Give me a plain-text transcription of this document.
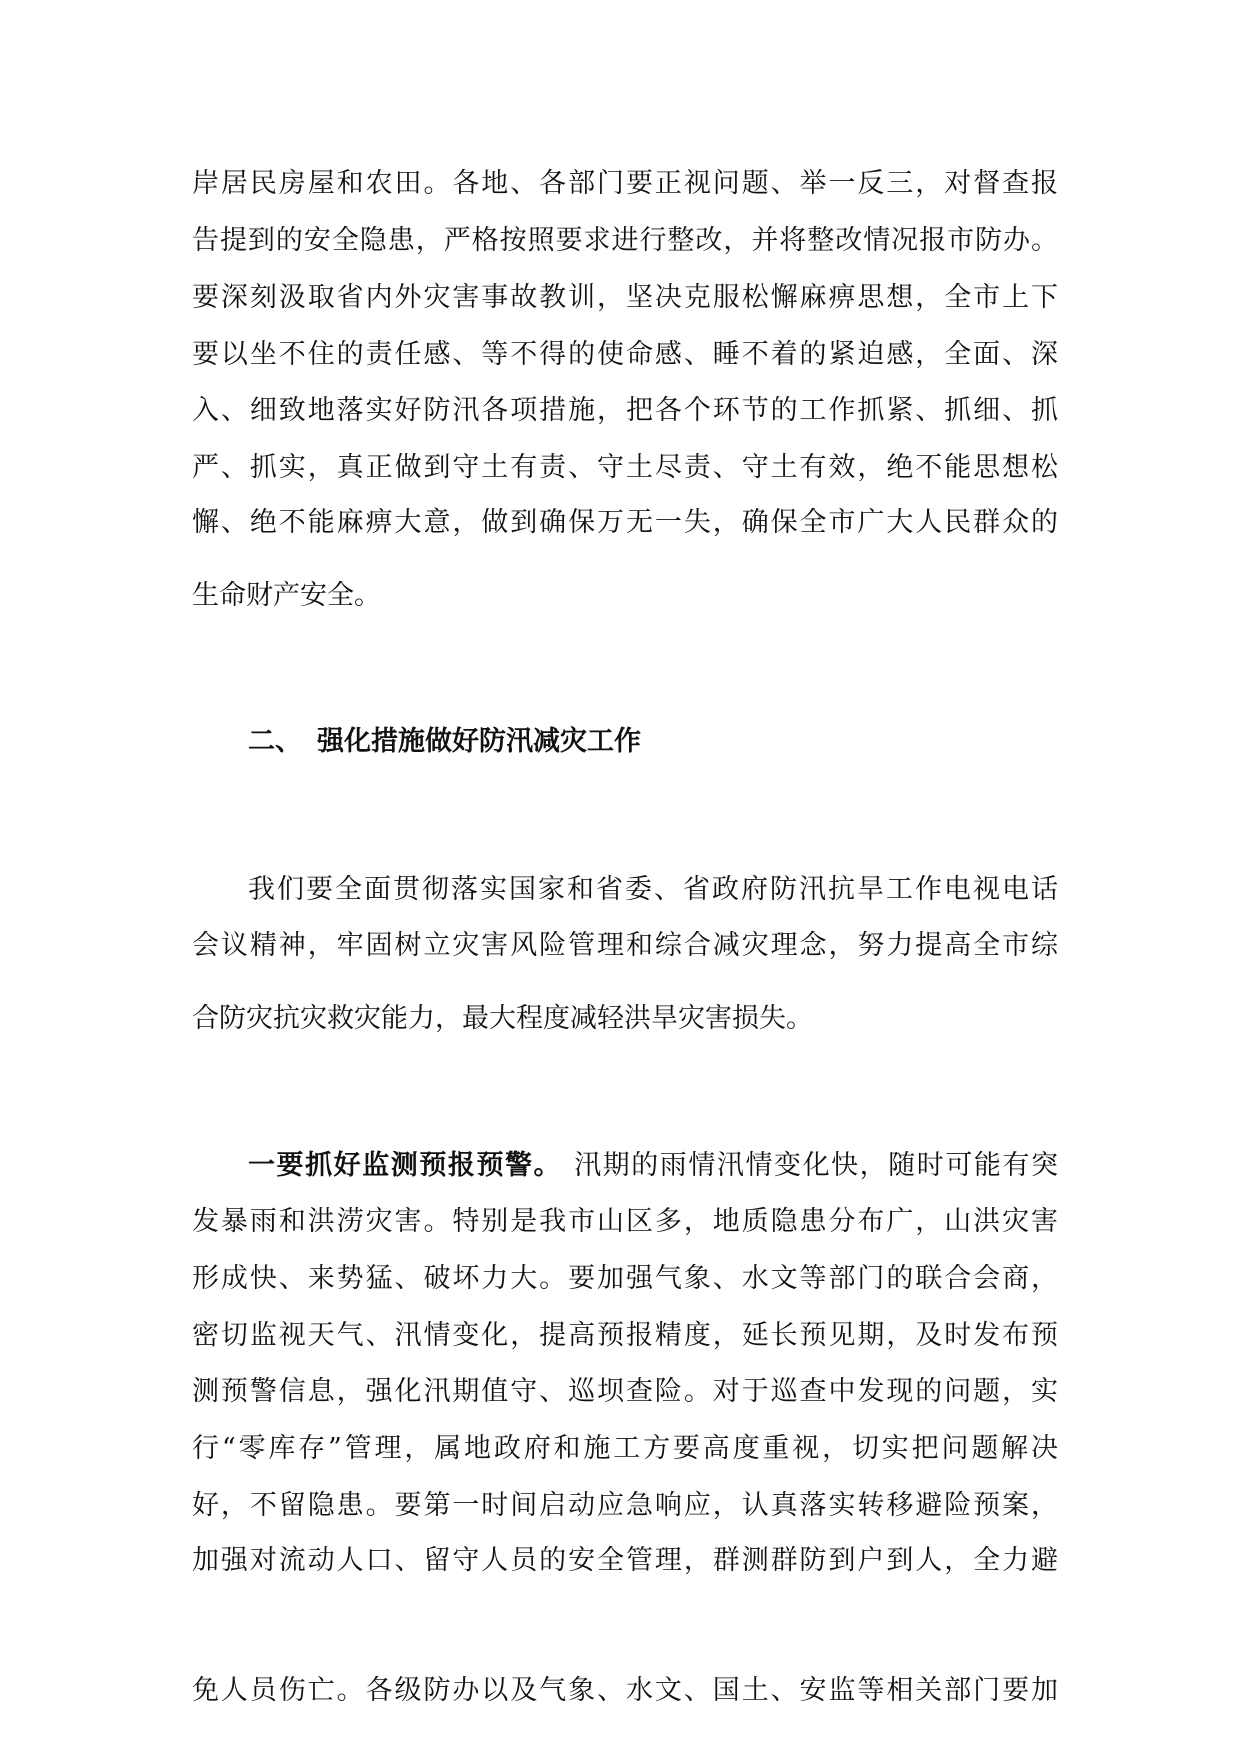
岸居民房屋和农田。各地、各部门要正视问题、举一反三，对督查报
告提到的安全隐患，严格按照要求进行整改，并将整改情况报市防办。
要深刻汲取省内外灾害事故教训，坚决克服松懈麻痹思想，全市上下
要以坐不住的责任感、等不得的使命感、睡不着的紧迫感，全面、深
入、细致地落实好防汛各项措施，把各个环节的工作抓紧、抓细、抓
严、抓实，真正做到守土有责、守土尽责、守土有效，绝不能思想松
懈、绝不能麻痹大意，做到确保万无一失，确保全市广大人民群众的
生命财产安全。
二、 强化措施做好防汛减灾工作
我们要全面贯彻落实国家和省委、省政府防汛抗旱工作电视电话
会议精神，牢固树立灾害风险管理和综合减灾理念，努力提高全市综
合防灾抗灾救灾能力，最大程度减轻洪旱灾害损失。
一要抓好监测预报预警。 汛期的雨情汛情变化快，随时可能有突
发暴雨和洪涝灾害。特别是我市山区多，地质隐患分布广，山洪灾害
形成快、来势猛、破坏力大。要加强气象、水文等部门的联合会商，
密切监视天气、汛情变化，提高预报精度，延长预见期，及时发布预
测预警信息，强化汛期值守、巡坝查险。对于巡查中发现的问题，实
行“零库存”管理，属地政府和施工方要高度重视，切实把问题解决
好，不留隐患。要第一时间启动应急响应，认真落实转移避险预案，
加强对流动人口、留守人员的安全管理，群测群防到户到人，全力避
免人员伤亡。各级防办以及气象、水文、国土、安监等相关部门要加
